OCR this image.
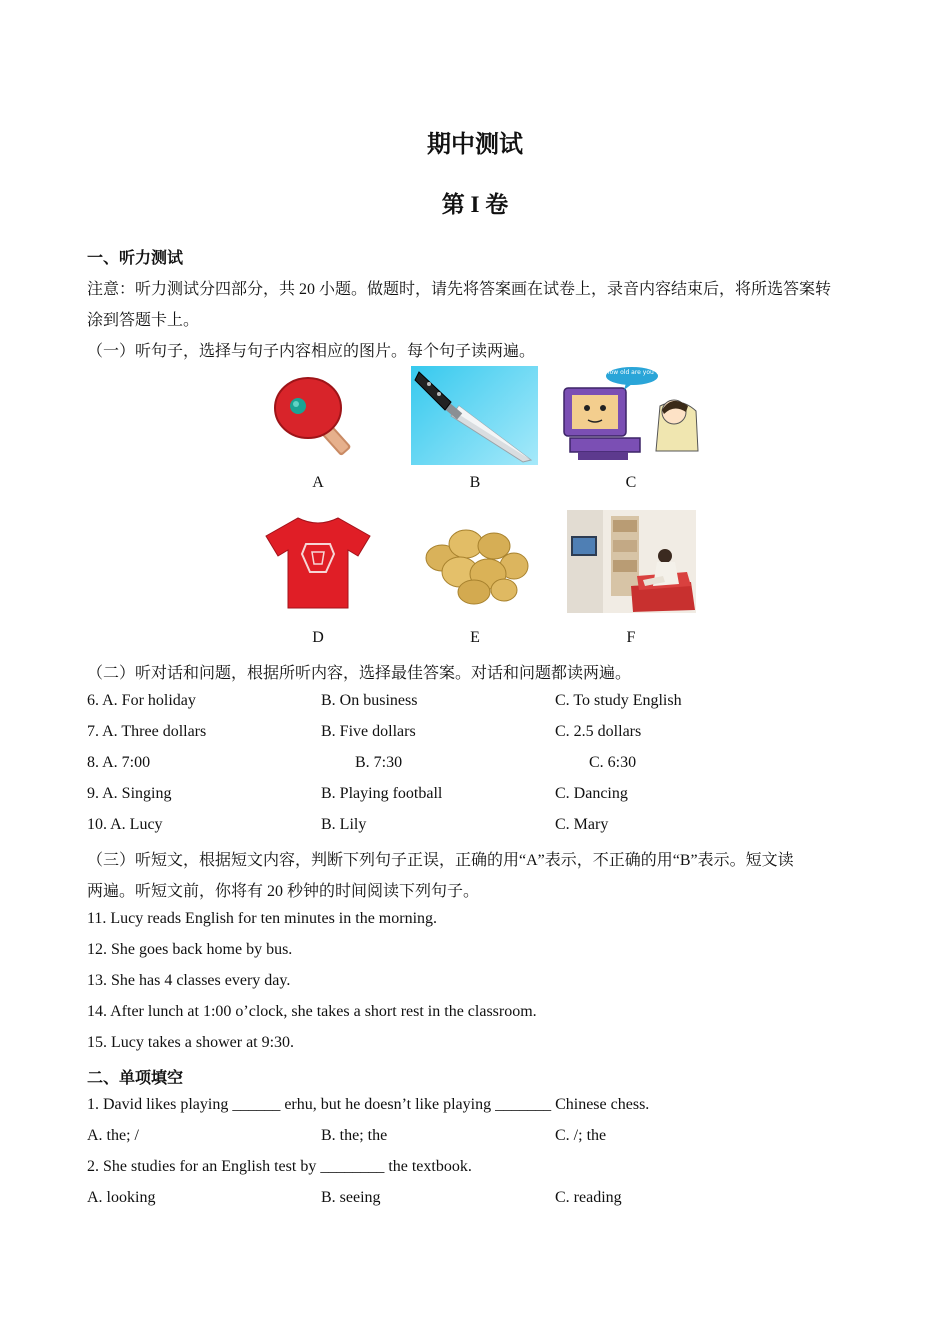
期中测试
第 I 卷
一、听力测试
注意：听力测试分四部分，共 20 小题。做题时，请先将答案画在试卷上，录音内容结束后，将所选答案转
涂到答题卡上。
（一）听句子，选择与句子内容相应的图片。每个句子读两遍。
How old are you ?
A	B	C
D	E	F
（二）听对话和问题，根据所听内容，选择最佳答案。对话和问题都读两遍。
6. A. For holiday	B. On business	C. To study English
7. A. Three dollars	B. Five dollars	C. 2.5 dollars
8. A. 7:00	B. 7:30	C. 6:30
9. A. Singing	B. Playing football	C. Dancing
10. A. Lucy	B. Lily	C. Mary
（三）听短文，根据短文内容，判断下列句子正误，正确的用“A”表示，不正确的用“B”表示。短文读
两遍。听短文前，你将有 20 秒钟的时间阅读下列句子。
11. Lucy reads English for ten minutes in the morning.
12. She goes back home by bus.
13. She has 4 classes every day.
14. After lunch at 1:00 o’clock, she takes a short rest in the classroom.
15. Lucy takes a shower at 9:30.
二、单项填空
1. David likes playing ______ erhu, but he doesn’t like playing _______ Chinese chess.
A. the; /	B. the; the	C. /; the
2. She studies for an English test by ________ the textbook.
A. looking	B. seeing	C. reading
